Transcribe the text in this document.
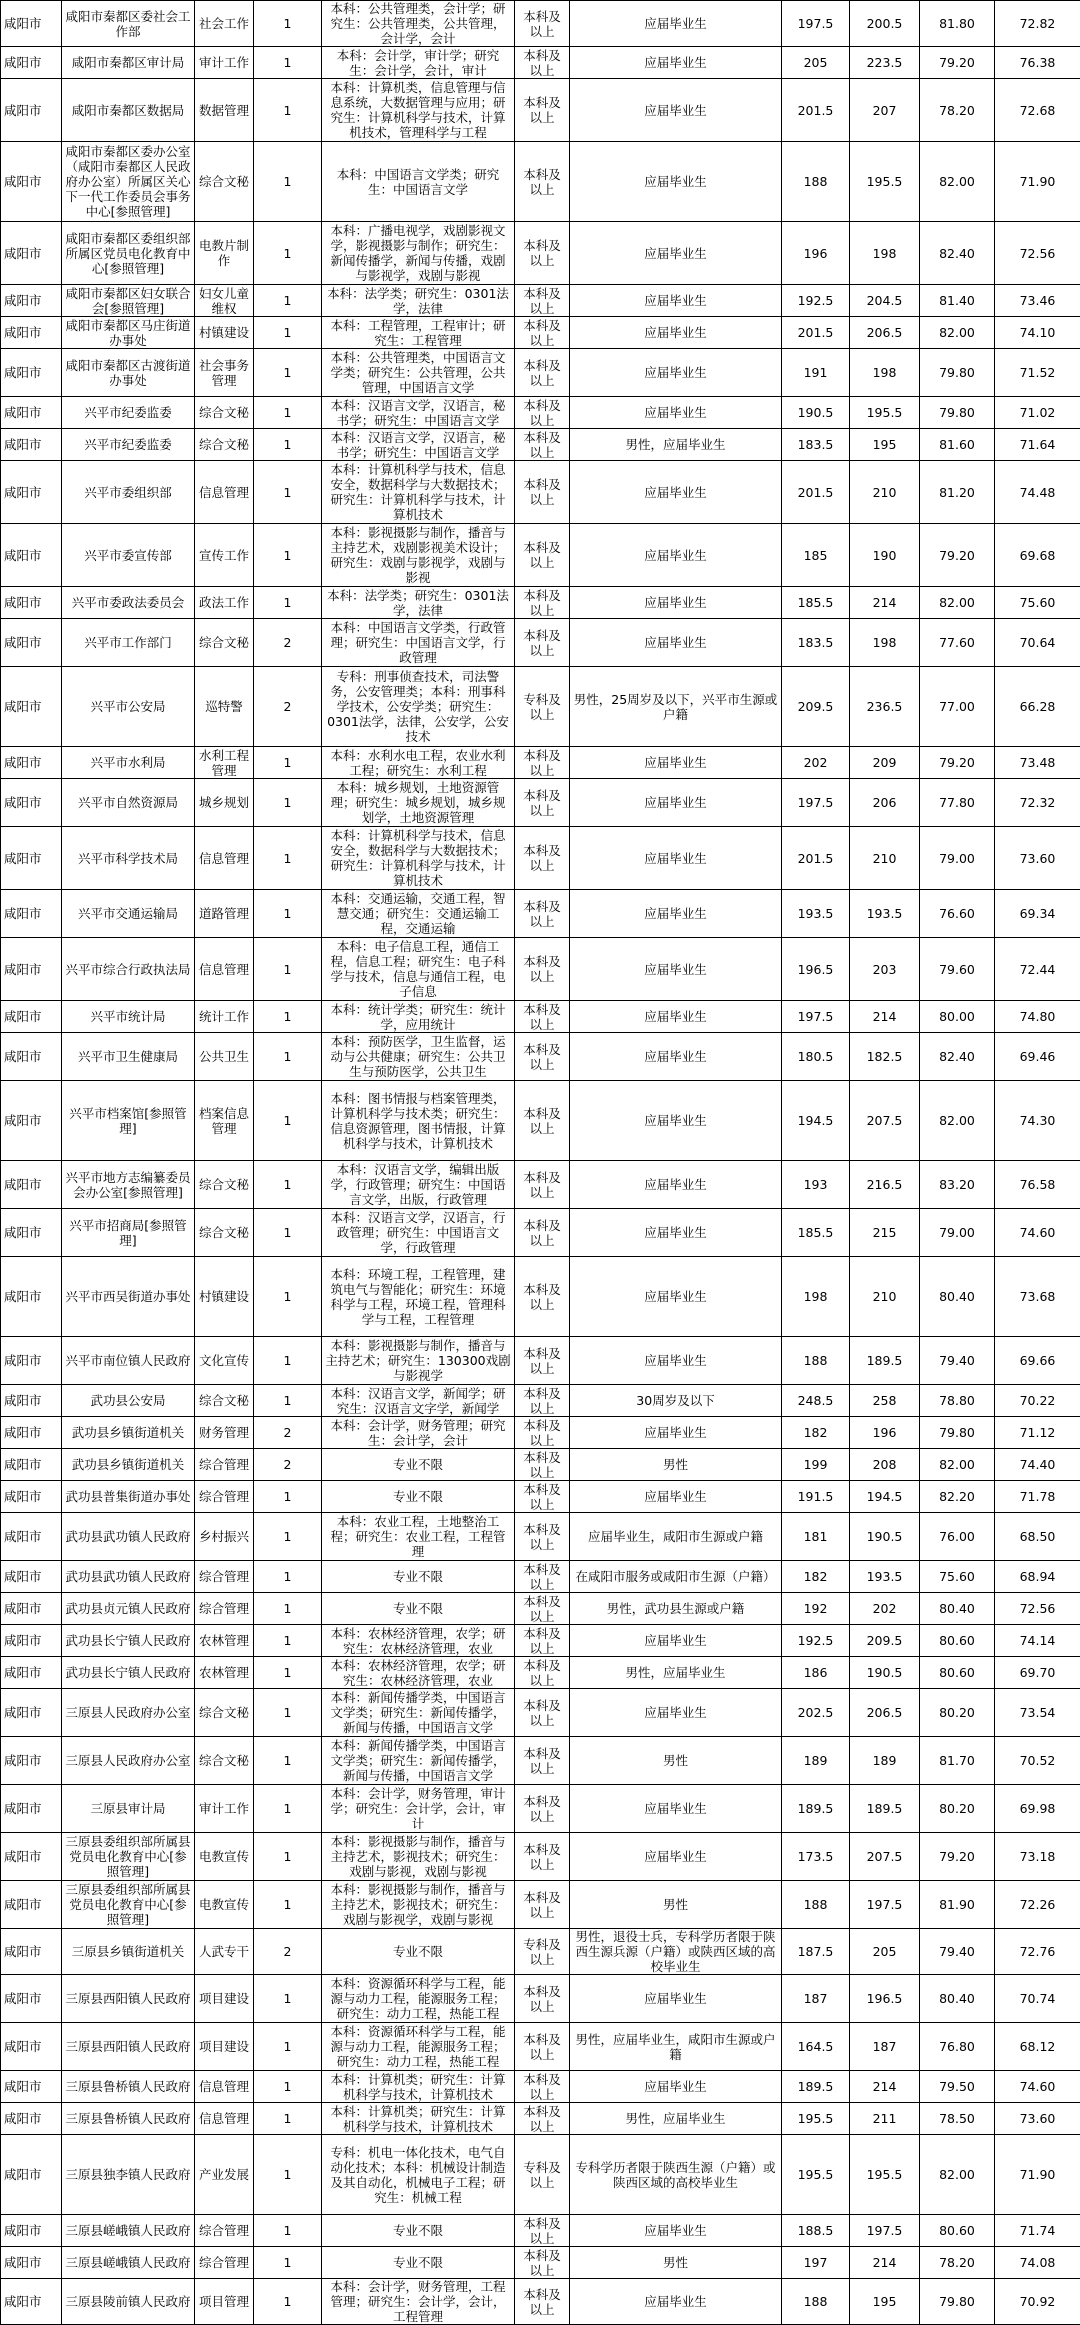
咸阳市	咸阳市秦都区委社会工作部	社会工作	1	本科：公共管理类，会计学；研究生：公共管理类，公共管理，会计学，会计	本科及以上	应届毕业生	197.5	200.5	81.80	72.82
咸阳市	咸阳市秦都区审计局	审计工作	1	本科：会计学，审计学；研究生：会计学，会计，审计	本科及以上	应届毕业生	205	223.5	79.20	76.38
咸阳市	咸阳市秦都区数据局	数据管理	1	本科：计算机类，信息管理与信息系统，大数据管理与应用；研究生：计算机科学与技术，计算机技术，管理科学与工程	本科及以上	应届毕业生	201.5	207	78.20	72.68
咸阳市	咸阳市秦都区委办公室（咸阳市秦都区人民政府办公室）所属区关心下一代工作委员会事务中心[参照管理]	综合文秘	1	本科：中国语言文学类；研究生：中国语言文学	本科及以上	应届毕业生	188	195.5	82.00	71.90
咸阳市	咸阳市秦都区委组织部所属区党员电化教育中心[参照管理]	电教片制作	1	本科：广播电视学，戏剧影视文学，影视摄影与制作；研究生：新闻传播学，新闻与传播，戏剧与影视学，戏剧与影视	本科及以上	应届毕业生	196	198	82.40	72.56
咸阳市	咸阳市秦都区妇女联合会[参照管理]	妇女儿童维权	1	本科：法学类；研究生：0301法学，法律	本科及以上	应届毕业生	192.5	204.5	81.40	73.46
咸阳市	咸阳市秦都区马庄街道办事处	村镇建设	1	本科：工程管理，工程审计；研究生：工程管理	本科及以上	应届毕业生	201.5	206.5	82.00	74.10
咸阳市	咸阳市秦都区古渡街道办事处	社会事务管理	1	本科：公共管理类，中国语言文学类；研究生：公共管理，公共管理，中国语言文学	本科及以上	应届毕业生	191	198	79.80	71.52
咸阳市	兴平市纪委监委	综合文秘	1	本科：汉语言文学，汉语言，秘书学；研究生：中国语言文学	本科及以上	应届毕业生	190.5	195.5	79.80	71.02
咸阳市	兴平市纪委监委	综合文秘	1	本科：汉语言文学，汉语言，秘书学；研究生：中国语言文学	本科及以上	男性，应届毕业生	183.5	195	81.60	71.64
咸阳市	兴平市委组织部	信息管理	1	本科：计算机科学与技术，信息安全，数据科学与大数据技术；研究生：计算机科学与技术，计算机技术	本科及以上	应届毕业生	201.5	210	81.20	74.48
咸阳市	兴平市委宣传部	宣传工作	1	本科：影视摄影与制作，播音与主持艺术，戏剧影视美术设计；研究生：戏剧与影视学，戏剧与影视	本科及以上	应届毕业生	185	190	79.20	69.68
咸阳市	兴平市委政法委员会	政法工作	1	本科：法学类；研究生：0301法学，法律	本科及以上	应届毕业生	185.5	214	82.00	75.60
咸阳市	兴平市工作部门	综合文秘	2	本科：中国语言文学类，行政管理；研究生：中国语言文学，行政管理	本科及以上	应届毕业生	183.5	198	77.60	70.64
咸阳市	兴平市公安局	巡特警	2	专科：刑事侦查技术，司法警务，公安管理类；本科：刑事科学技术，公安学类；研究生：0301法学，法律，公安学，公安技术	专科及以上	男性，25周岁及以下，兴平市生源或户籍	209.5	236.5	77.00	66.28
咸阳市	兴平市水利局	水利工程管理	1	本科：水利水电工程，农业水利工程；研究生：水利工程	本科及以上	应届毕业生	202	209	79.20	73.48
咸阳市	兴平市自然资源局	城乡规划	1	本科：城乡规划，土地资源管理；研究生：城乡规划，城乡规划学，土地资源管理	本科及以上	应届毕业生	197.5	206	77.80	72.32
咸阳市	兴平市科学技术局	信息管理	1	本科：计算机科学与技术，信息安全，数据科学与大数据技术；研究生：计算机科学与技术，计算机技术	本科及以上	应届毕业生	201.5	210	79.00	73.60
咸阳市	兴平市交通运输局	道路管理	1	本科：交通运输，交通工程，智慧交通；研究生：交通运输工程，交通运输	本科及以上	应届毕业生	193.5	193.5	76.60	69.34
咸阳市	兴平市综合行政执法局	信息管理	1	本科：电子信息工程，通信工程，信息工程；研究生：电子科学与技术，信息与通信工程，电子信息	本科及以上	应届毕业生	196.5	203	79.60	72.44
咸阳市	兴平市统计局	统计工作	1	本科：统计学类；研究生：统计学，应用统计	本科及以上	应届毕业生	197.5	214	80.00	74.80
咸阳市	兴平市卫生健康局	公共卫生	1	本科：预防医学，卫生监督，运动与公共健康；研究生：公共卫生与预防医学，公共卫生	本科及以上	应届毕业生	180.5	182.5	82.40	69.46
咸阳市	兴平市档案馆[参照管理]	档案信息管理	1	本科：图书情报与档案管理类，计算机科学与技术类；研究生：信息资源管理，图书情报，计算机科学与技术，计算机技术	本科及以上	应届毕业生	194.5	207.5	82.00	74.30
咸阳市	兴平市地方志编纂委员会办公室[参照管理]	综合文秘	1	本科：汉语言文学，编辑出版学，行政管理；研究生：中国语言文学，出版，行政管理	本科及以上	应届毕业生	193	216.5	83.20	76.58
咸阳市	兴平市招商局[参照管理]	综合文秘	1	本科：汉语言文学，汉语言，行政管理；研究生：中国语言文学，行政管理	本科及以上	应届毕业生	185.5	215	79.00	74.60
咸阳市	兴平市西吴街道办事处	村镇建设	1	本科：环境工程，工程管理，建筑电气与智能化；研究生：环境科学与工程，环境工程，管理科学与工程，工程管理	本科及以上	应届毕业生	198	210	80.40	73.68
咸阳市	兴平市南位镇人民政府	文化宣传	1	本科：影视摄影与制作，播音与主持艺术；研究生：130300戏剧与影视学	本科及以上	应届毕业生	188	189.5	79.40	69.66
咸阳市	武功县公安局	综合文秘	1	本科：汉语言文学，新闻学；研究生：汉语言文字学，新闻学	本科及以上	30周岁及以下	248.5	258	78.80	70.22
咸阳市	武功县乡镇街道机关	财务管理	2	本科：会计学，财务管理；研究生：会计学，会计	本科及以上	应届毕业生	182	196	79.80	71.12
咸阳市	武功县乡镇街道机关	综合管理	2	专业不限	本科及以上	男性	199	208	82.00	74.40
咸阳市	武功县普集街道办事处	综合管理	1	专业不限	本科及以上	应届毕业生	191.5	194.5	82.20	71.78
咸阳市	武功县武功镇人民政府	乡村振兴	1	本科：农业工程，土地整治工程；研究生：农业工程，工程管理	本科及以上	应届毕业生，咸阳市生源或户籍	181	190.5	76.00	68.50
咸阳市	武功县武功镇人民政府	综合管理	1	专业不限	本科及以上	在咸阳市服务或咸阳市生源（户籍）	182	193.5	75.60	68.94
咸阳市	武功县贞元镇人民政府	综合管理	1	专业不限	本科及以上	男性，武功县生源或户籍	192	202	80.40	72.56
咸阳市	武功县长宁镇人民政府	农林管理	1	本科：农林经济管理，农学；研究生：农林经济管理，农业	本科及以上	应届毕业生	192.5	209.5	80.60	74.14
咸阳市	武功县长宁镇人民政府	农林管理	1	本科：农林经济管理，农学；研究生：农林经济管理，农业	本科及以上	男性，应届毕业生	186	190.5	80.60	69.70
咸阳市	三原县人民政府办公室	综合文秘	1	本科：新闻传播学类，中国语言文学类；研究生：新闻传播学，新闻与传播，中国语言文学	本科及以上	应届毕业生	202.5	206.5	80.20	73.54
咸阳市	三原县人民政府办公室	综合文秘	1	本科：新闻传播学类，中国语言文学类；研究生：新闻传播学，新闻与传播，中国语言文学	本科及以上	男性	189	189	81.70	70.52
咸阳市	三原县审计局	审计工作	1	本科：会计学，财务管理，审计学；研究生：会计学，会计，审计	本科及以上	应届毕业生	189.5	189.5	80.20	69.98
咸阳市	三原县委组织部所属县党员电化教育中心[参照管理]	电教宣传	1	本科：影视摄影与制作，播音与主持艺术，影视技术；研究生：戏剧与影视，戏剧与影视	本科及以上	应届毕业生	173.5	207.5	79.20	73.18
咸阳市	三原县委组织部所属县党员电化教育中心[参照管理]	电教宣传	1	本科：影视摄影与制作，播音与主持艺术，影视技术；研究生：戏剧与影视学，戏剧与影视	本科及以上	男性	188	197.5	81.90	72.26
咸阳市	三原县乡镇街道机关	人武专干	2	专业不限	专科及以上	男性，退役士兵，专科学历者限于陕西生源兵源（户籍）或陕西区域的高校毕业生	187.5	205	79.40	72.76
咸阳市	三原县西阳镇人民政府	项目建设	1	本科：资源循环科学与工程，能源与动力工程，能源服务工程；研究生：动力工程，热能工程	本科及以上	应届毕业生	187	196.5	80.40	70.74
咸阳市	三原县西阳镇人民政府	项目建设	1	本科：资源循环科学与工程，能源与动力工程，能源服务工程；研究生：动力工程，热能工程	本科及以上	男性，应届毕业生，咸阳市生源或户籍	164.5	187	76.80	68.12
咸阳市	三原县鲁桥镇人民政府	信息管理	1	本科：计算机类；研究生：计算机科学与技术，计算机技术	本科及以上	应届毕业生	189.5	214	79.50	74.60
咸阳市	三原县鲁桥镇人民政府	信息管理	1	本科：计算机类；研究生：计算机科学与技术，计算机技术	本科及以上	男性，应届毕业生	195.5	211	78.50	73.60
咸阳市	三原县独李镇人民政府	产业发展	1	专科：机电一体化技术，电气自动化技术；本科：机械设计制造及其自动化，机械电子工程；研究生：机械工程	专科及以上	专科学历者限于陕西生源（户籍）或陕西区域的高校毕业生	195.5	195.5	82.00	71.90
咸阳市	三原县嵯峨镇人民政府	综合管理	1	专业不限	本科及以上	应届毕业生	188.5	197.5	80.60	71.74
咸阳市	三原县嵯峨镇人民政府	综合管理	1	专业不限	本科及以上	男性	197	214	78.20	74.08
咸阳市	三原县陵前镇人民政府	项目管理	1	本科：会计学，财务管理，工程管理；研究生：会计学，会计，工程管理	本科及以上	应届毕业生	188	195	79.80	70.92
